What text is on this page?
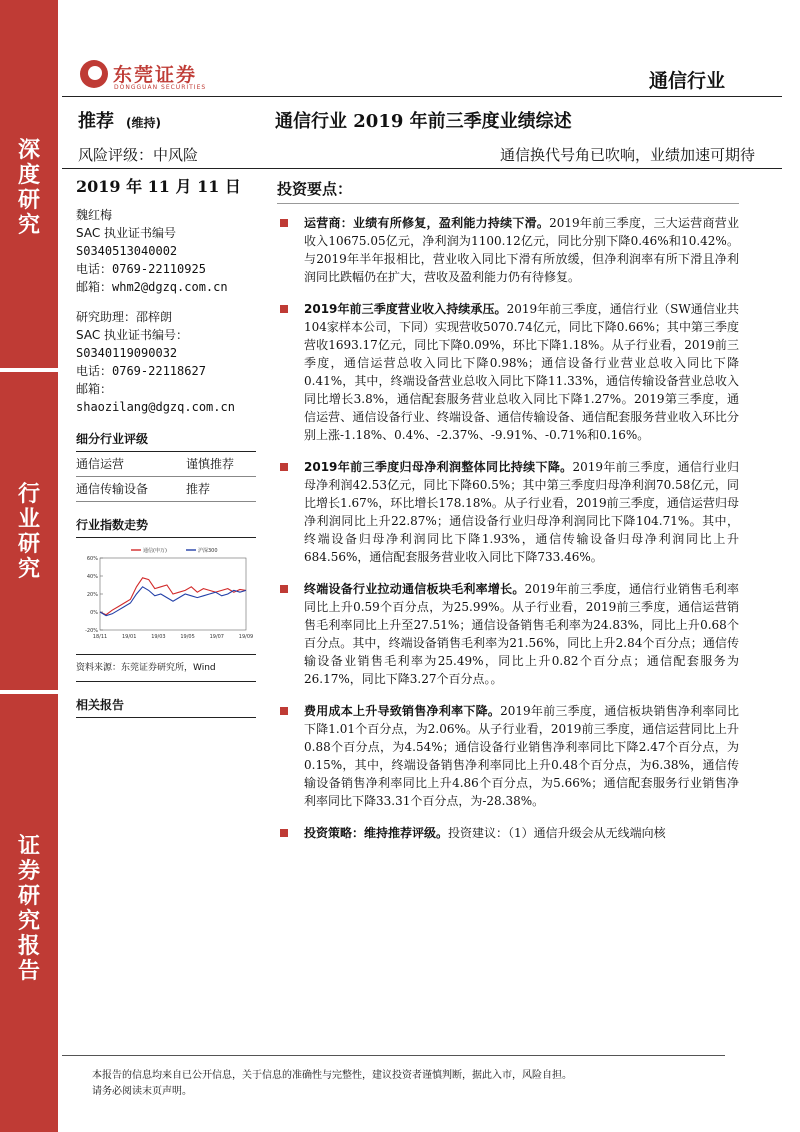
深
度
研
究
行
业
研
究
证
券
研
究
报
告
东莞证券
DONGGUAN SECURITIES	通信行业
推荐 (维持)	通信行业 2019 年前三季度业绩综述
风险评级：中风险	通信换代号角已吹响，业绩加速可期待
2019 年 11 月 11 日
魏红梅
SAC 执业证书编号
S0340513040002
电话：0769-22110925
邮箱：whm2@dgzq.com.cn
研究助理：邵梓朗
SAC 执业证书编号：
S0340119090032
电话：0769-22118627
邮箱：
shaozilang@dgzq.com.cn
细分行业评级
通信运营	谨慎推荐
通信传输设备	推荐
行业指数走势
60%
40%
20%
0%
-20%
18/11	19/01	19/03	19/05	19/07	19/09
通信(申万)	沪深300
资料来源：东莞证券研究所，Wind
相关报告
投资要点：
运营商：业绩有所修复，盈利能力持续下滑。2019年前三季度，三大运营商营业收入10675.05亿元，净利润为1100.12亿元，同比分别下降0.46%和10.42%。与2019年半年报相比，营业收入同比下滑有所放缓，但净利润率有所下滑且净利润同比跌幅仍在扩大，营收及盈利能力仍有待修复。
2019年前三季度营业收入持续承压。2019年前三季度，通信行业（SW通信业共104家样本公司，下同）实现营收5070.74亿元，同比下降0.66%；其中第三季度营收1693.17亿元，同比下降0.09%，环比下降1.18%。从子行业看，2019前三季度，通信运营总收入同比下降0.98%；通信设备行业营业总收入同比下降0.41%，其中，终端设备营业总收入同比下降11.33%，通信传输设备营业总收入同比增长3.8%，通信配套服务营业总收入同比下降1.27%。2019第三季度，通信运营、通信设备行业、终端设备、通信传输设备、通信配套服务营业收入环比分别上涨-1.18%、0.4%、-2.37%、-9.91%、-0.71%和0.16%。
2019年前三季度归母净利润整体同比持续下降。2019年前三季度，通信行业归母净利润42.53亿元，同比下降60.5%；其中第三季度归母净利润70.58亿元，同比增长1.67%，环比增长178.18%。从子行业看，2019前三季度，通信运营归母净利润同比上升22.87%；通信设备行业归母净利润同比下降104.71%。其中，终端设备归母净利润同比下降1.93%，通信传输设备归母净利润同比上升684.56%，通信配套服务营业收入同比下降733.46%。
终端设备行业拉动通信板块毛利率增长。2019年前三季度，通信行业销售毛利率同比上升0.59个百分点，为25.99%。从子行业看，2019前三季度，通信运营销售毛利率同比上升至27.51%；通信设备销售毛利率为24.83%，同比上升0.68个百分点。其中，终端设备销售毛利率为21.56%，同比上升2.84个百分点；通信传输设备业销售毛利率为25.49%，同比上升0.82个百分点；通信配套服务为26.17%，同比下降3.27个百分点。。
费用成本上升导致销售净利率下降。2019年前三季度，通信板块销售净利率同比下降1.01个百分点，为2.06%。从子行业看，2019前三季度，通信运营同比上升0.88个百分点，为4.54%；通信设备行业销售净利率同比下降2.47个百分点，为0.15%，其中，终端设备销售净利率同比上升0.48个百分点，为6.38%，通信传输设备销售净利率同比上升4.86个百分点，为5.66%；通信配套服务行业销售净利率同比下降33.31个百分点，为-28.38%。
投资策略：维持推荐评级。投资建议：（1）通信升级会从无线端向核
本报告的信息均来自已公开信息，关于信息的准确性与完整性，建议投资者谨慎判断，据此入市，风险自担。
请务必阅读末页声明。
